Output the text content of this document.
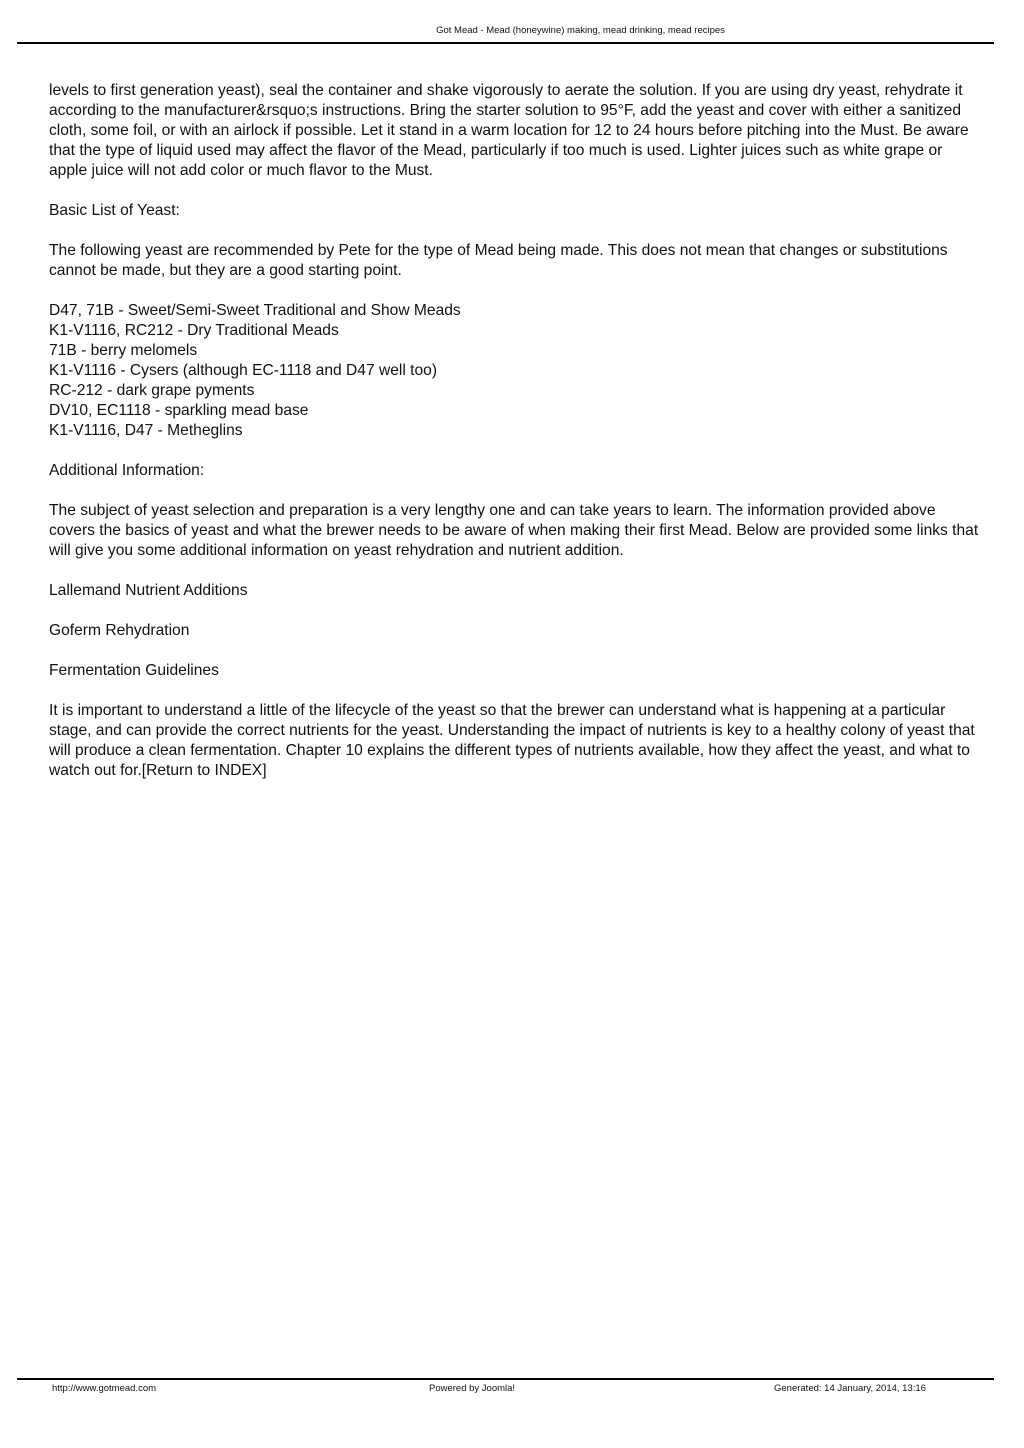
Got Mead - Mead (honeywine) making, mead drinking, mead recipes

levels to first generation yeast), seal the container and shake vigorously to aerate the solution. If you are using dry yeast, rehydrate it according to the manufacturer&rsquo;s instructions. Bring the starter solution to 95°F, add the yeast and cover with either a sanitized cloth, some foil, or with an airlock if possible. Let it stand in a warm location for 12 to 24 hours before pitching into the Must. Be aware that the type of liquid used may affect the flavor of the Mead, particularly if too much is used. Lighter juices such as white grape or apple juice will not add color or much flavor to the Must.

Basic List of Yeast:

The following yeast are recommended by Pete for the type of Mead being made. This does not mean that changes or substitutions cannot be made, but they are a good starting point.

D47, 71B - Sweet/Semi-Sweet Traditional and Show Meads
K1-V1116, RC212 - Dry Traditional Meads
71B - berry melomels
K1-V1116 - Cysers (although EC-1118 and D47 well too)
RC-212 - dark grape pyments
DV10, EC1118 - sparkling mead base
K1-V1116, D47 - Metheglins

Additional Information:

The subject of yeast selection and preparation is a very lengthy one and can take years to learn. The information provided above covers the basics of yeast and what the brewer needs to be aware of when making their first Mead. Below are provided some links that will give you some additional information on yeast rehydration and nutrient addition.

Lallemand Nutrient Additions

Goferm Rehydration

Fermentation Guidelines

It is important to understand a little of the lifecycle of the yeast so that the brewer can understand what is happening at a particular stage, and can provide the correct nutrients for the yeast. Understanding the impact of nutrients is key to a healthy colony of yeast that will produce a clean fermentation. Chapter 10 explains the different types of nutrients available, how they affect the yeast, and what to watch out for.[Return to INDEX]

http://www.gotmead.com	Powered by Joomla!	Generated: 14 January, 2014, 13:16
